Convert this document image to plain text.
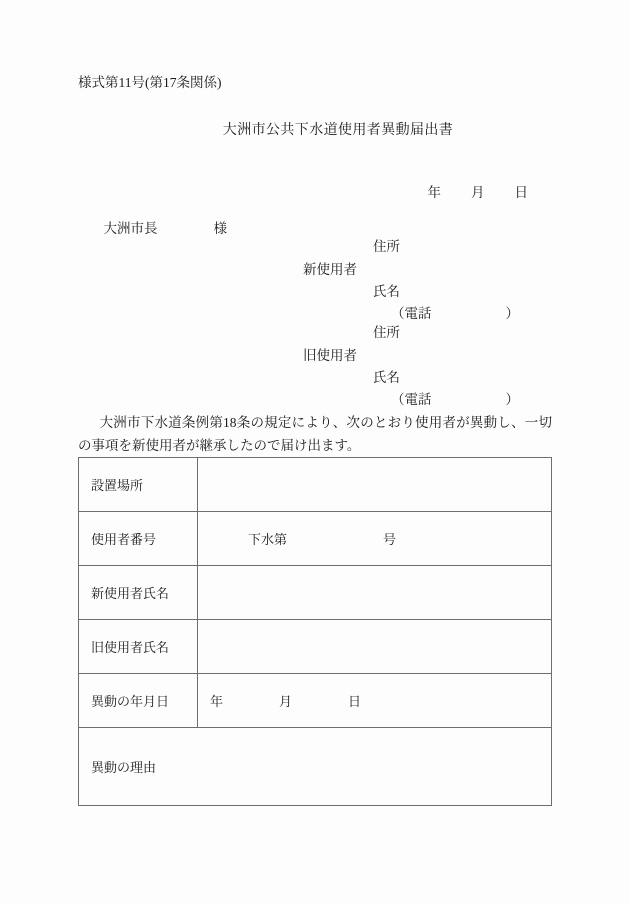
様式第11号(第17条関係)
大洲市公共下水道使用者異動届出書

年 月 日

大洲市長	様

新使用者
住所
氏名
（電話	）
旧使用者
住所
氏名
（電話	）
大洲市下水道条例第18条の規定により、次のとおり使用者が異動し、一切の事項を新使用者が継承したので届け出ます。
設置場所	

使用者番号	下水第 号

新使用者氏名	

旧使用者氏名	

異動の年月日	年 月 日

異動の理由	
